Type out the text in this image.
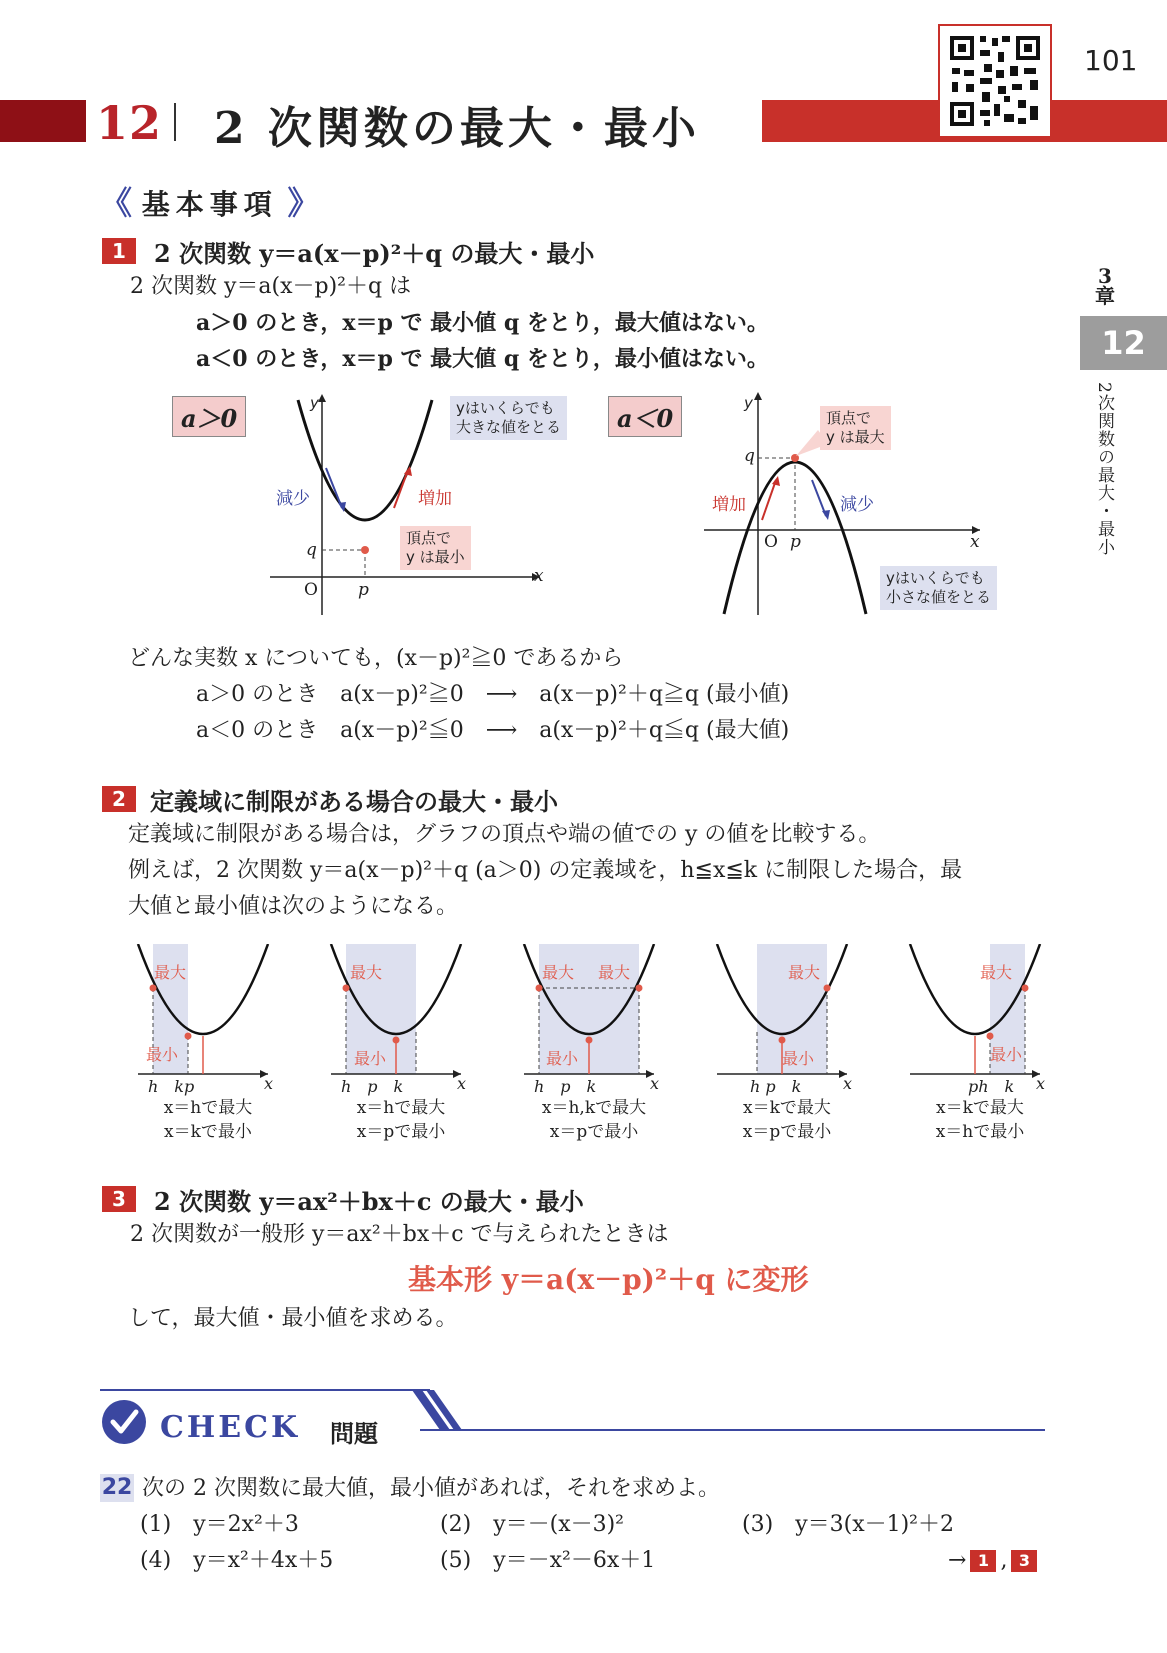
12 2 次関数の最大・最小
101
3
章
12
2次関数の最大・最小
《 基本事項 》
1	2 次関数 y＝a(x－p)²＋q の最大・最小
2 次関数 y＝a(x－p)²＋q は
a＞0 のとき，x＝p で 最小値 q をとり，最大値はない。
a＜0 のとき，x＝p で 最大値 q をとり，最小値はない。
a＞0
y
x
O p
q
減少	増加
yはいくらでも
大きな値をとる
頂点で
y は最小
a＜0
y
x
O p
q
増加	減少
頂点で
y は最大
yはいくらでも
小さな値をとる
どんな実数 x についても，(x－p)²≧0 であるから
a＞0 のとき　a(x－p)²≧0　⟶　a(x－p)²＋q≧q (最小値)
a＜0 のとき　a(x－p)²≦0　⟶　a(x－p)²＋q≦q (最大値)
2	定義域に制限がある場合の最大・最小
定義域に制限がある場合は，グラフの頂点や端の値での y の値を比較する。
例えば，2 次関数 y＝a(x－p)²＋q (a＞0) の定義域を，h≦x≦k に制限した場合，最
大値と最小値は次のようになる。
最大
最小
最大
最小
最大 最大
最小
最大
最小
最大
最小
h　kp	x	h　p　k	x	h　p　k	x	h p　k	x	ph　k x
x＝hで最大
x＝kで最小
x＝hで最大
x＝pで最小
x＝h,kで最大
x＝pで最小
x＝kで最大
x＝pで最小
x＝kで最大
x＝hで最小
3	2 次関数 y＝ax²＋bx＋c の最大・最小
2 次関数が一般形 y＝ax²＋bx＋c で与えられたときは
基本形 y＝a(x－p)²＋q に変形
して，最大値・最小値を求める。
CHECK 問題
22 次の 2 次関数に最大値，最小値があれば，それを求めよ。
(1)　 y＝2x²＋3	(2)　 y＝－(x－3)²	(3)　 y＝3(x－1)²＋2
(4)　 y＝x²＋4x＋5	(5)　 y＝－x²－6x＋1	→ 1 , 3
